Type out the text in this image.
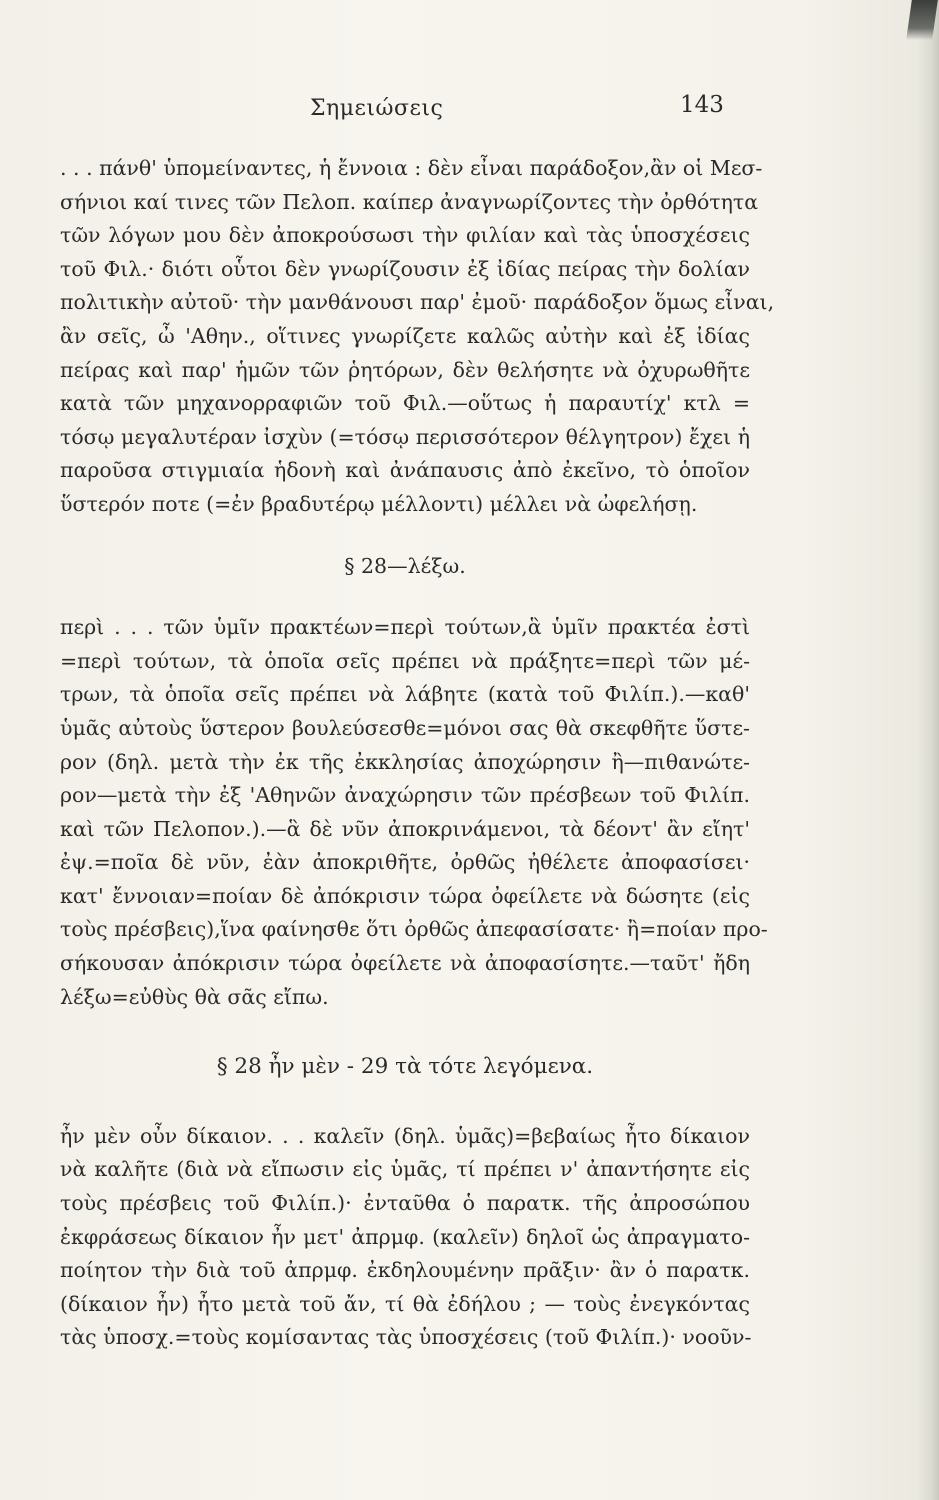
Σημειώσεις	143
. . . πάνθ' ὑπομείναντες, ἡ ἔννοια : δὲν εἶναι παράδοξον,ἂν οἱ Μεσ-
σήνιοι καί τινες τῶν Πελοπ. καίπερ ἀναγνωρίζοντες τὴν ὀρθότητα
τῶν λόγων μου δὲν ἀποκρούσωσι τὴν φιλίαν καὶ τὰς ὑποσχέσεις
τοῦ Φιλ.· διότι οὗτοι δὲν γνωρίζουσιν ἐξ ἰδίας πείρας τὴν δολίαν
πολιτικὴν αὐτοῦ· τὴν μανθάνουσι παρ' ἐμοῦ· παράδοξον ὅμως εἶναι,
ἂν σεῖς, ὦ 'Αθην., οἵτινες γνωρίζετε καλῶς αὐτὴν καὶ ἐξ ἰδίας
πείρας καὶ παρ' ἡμῶν τῶν ῥητόρων, δὲν θελήσητε νὰ ὀχυρωθῆτε
κατὰ τῶν μηχανορραφιῶν τοῦ Φιλ.—οὕτως ἡ παραυτίχ' κτλ =
τόσῳ μεγαλυτέραν ἰσχὺν (=τόσῳ περισσότερον θέλγητρον) ἔχει ἡ
παροῦσα στιγμιαία ἡδονὴ καὶ ἀνάπαυσις ἀπὸ ἐκεῖνο, τὸ ὁποῖον
ὕστερόν ποτε (=ἐν βραδυτέρῳ μέλλοντι) μέλλει νὰ ὠφελήσῃ.
§ 28—λέξω.
περὶ . . . τῶν ὑμῖν πρακτέων=περὶ τούτων,ἃ ὑμῖν πρακτέα ἐστὶ
=περὶ τούτων, τὰ ὁποῖα σεῖς πρέπει νὰ πράξητε=περὶ τῶν μέ-
τρων, τὰ ὁποῖα σεῖς πρέπει νὰ λάβητε (κατὰ τοῦ Φιλίπ.).—καθ'
ὑμᾶς αὐτοὺς ὕστερον βουλεύσεσθε=μόνοι σας θὰ σκεφθῆτε ὕστε-
ρον (δηλ. μετὰ τὴν ἐκ τῆς ἐκκλησίας ἀποχώρησιν ἢ—πιθανώτε-
ρον—μετὰ τὴν ἐξ 'Αθηνῶν ἀναχώρησιν τῶν πρέσβεων τοῦ Φιλίπ.
καὶ τῶν Πελοπον.).—ἃ δὲ νῦν ἀποκρινάμενοι, τὰ δέοντ' ἂν εἴητ'
ἐψ.=ποῖα δὲ νῦν, ἐὰν ἀποκριθῆτε, ὀρθῶς ἠθέλετε ἀποφασίσει·
κατ' ἔννοιαν=ποίαν δὲ ἀπόκρισιν τώρα ὀφείλετε νὰ δώσητε (εἰς
τοὺς πρέσβεις),ἵνα φαίνησθε ὅτι ὀρθῶς ἀπεφασίσατε· ἢ=ποίαν προ-
σήκουσαν ἀπόκρισιν τώρα ὀφείλετε νὰ ἀποφασίσητε.—ταῦτ' ἤδη
λέξω=εὐθὺς θὰ σᾶς εἴπω.
§ 28 ἦν μὲν - 29 τὰ τότε λεγόμενα.
ἦν μὲν οὖν δίκαιον. . . καλεῖν (δηλ. ὑμᾶς)=βεβαίως ἦτο δίκαιον
νὰ καλῆτε (διὰ νὰ εἴπωσιν εἰς ὑμᾶς, τί πρέπει ν' ἀπαντήσητε εἰς
τοὺς πρέσβεις τοῦ Φιλίπ.)· ἐνταῦθα ὁ παρατκ. τῆς ἀπροσώπου
ἐκφράσεως δίκαιον ἦν μετ' ἀπρμφ. (καλεῖν) δηλοῖ ὡς ἀπραγματο-
ποίητον τὴν διὰ τοῦ ἀπρμφ. ἐκδηλουμένην πρᾶξιν· ἂν ὁ παρατκ.
(δίκαιον ἦν) ἦτο μετὰ τοῦ ἄν, τί θὰ ἐδήλου ; — τοὺς ἐνεγκόντας
τὰς ὑποσχ.=τοὺς κομίσαντας τὰς ὑποσχέσεις (τοῦ Φιλίπ.)· νοοῦν-
